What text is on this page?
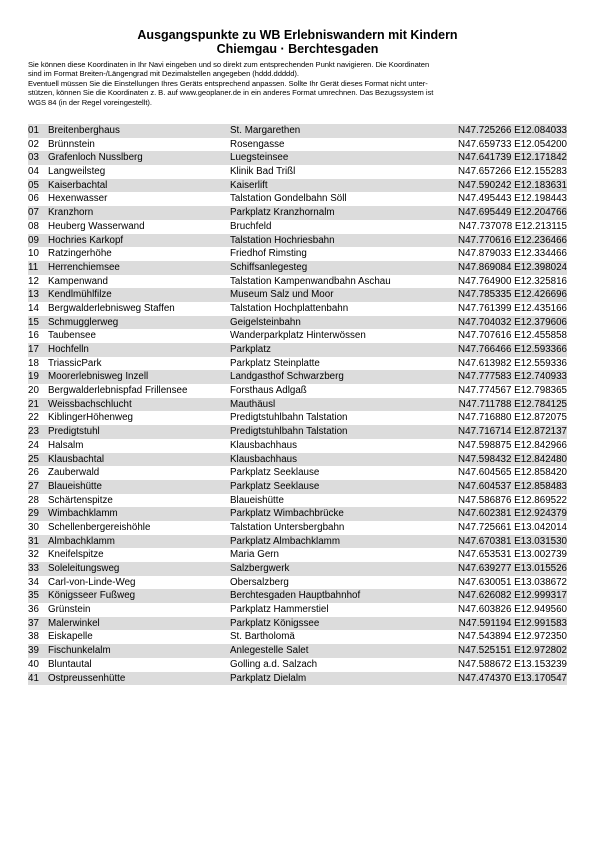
Ausgangspunkte zu WB Erlebniswandern mit Kindern
Chiemgau · Berchtesgaden

Sie können diese Koordinaten in Ihr Navi eingeben und so direkt zum entsprechenden Punkt navigieren. Die Koordinaten

sind im Format Breiten-/Längengrad mit Dezimalstellen angegeben (hddd.ddddd).

Eventuell müssen Sie die Einstellungen Ihres Geräts entsprechend anpassen. Sollte Ihr Gerät dieses Format nicht unter-

stützen, können Sie die Koordinaten z. B. auf www.geoplaner.de in ein anderes Format umrechnen. Das Bezugssystem ist

WGS 84 (in der Regel voreingestellt).

01 Breitenberghaus	St. Margarethen	N47.725266 E12.084033
02 Brünnstein	Rosengasse	N47.659733 E12.054200
03 Grafenloch Nusslberg	Luegsteinsee	N47.641739 E12.171842
04 Langweilsteg	Klinik Bad Trißl	N47.657266 E12.155283
05 Kaiserbachtal	Kaiserlift	N47.590242 E12.183631
06 Hexenwasser	Talstation Gondelbahn Söll	N47.495443 E12.198443
07 Kranzhorn	Parkplatz Kranzhornalm	N47.695449 E12.204766
08 Heuberg Wasserwand	Bruchfeld	N47.737078 E12.213115
09 Hochries Karkopf	Talstation Hochriesbahn	N47.770616 E12.236466
10 Ratzingerhöhe	Friedhof Rimsting	N47.879033 E12.334466
11	Herrenchiemsee	Schiffsanlegesteg	N47.869084 E12.398024
12 Kampenwand	Talstation Kampenwandbahn Aschau	N47.764900 E12.325816
13 Kendlmühlfilze	Museum Salz und Moor	N47.785335 E12.426696
14 Bergwalderlebnisweg Staffen	Talstation Hochplattenbahn	N47.761399 E12.435166
15 Schmugglerweg	Geigelsteinbahn	N47.704032 E12.379606
16 Taubensee	Wanderparkplatz Hinterwössen	N47.707616 E12.455858
17 Hochfelln	Parkplatz	N47.766466 E12.593366
18 TriassicPark	Parkplatz Steinplatte	N47.613982 E12.559336
19 Moorerlebnisweg Inzell	Landgasthof Schwarzberg	N47.777583 E12.740933
20 Bergwalderlebnispfad Frillensee	Forsthaus Adlgaß	N47.774567 E12.798365
21 Weissbachschlucht	Mauthäusl	N47.711788 E12.784125
22 KiblingerHöhenweg	Predigtstuhlbahn Talstation	N47.716880 E12.872075
23 Predigtstuhl	Predigtstuhlbahn Talstation	N47.716714 E12.872137
24 Halsalm	Klausbachhaus	N47.598875 E12.842966
25 Klausbachtal	Klausbachhaus	N47.598432 E12.842480
26 Zauberwald	Parkplatz Seeklause	N47.604565 E12.858420
27 Blaueishütte	Parkplatz Seeklause	N47.604537 E12.858483
28 Schärtenspitze	Blaueishütte	N47.586876 E12.869522
29 Wimbachklamm	Parkplatz Wimbachbrücke	N47.602381 E12.924379
30 Schellenbergereishöhle	Talstation Untersbergbahn	N47.725661 E13.042014
31 Almbachklamm	Parkplatz Almbachklamm	N47.670381 E13.031530
32 Kneifelspitze	Maria Gern	N47.653531 E13.002739
33 Soleleitungsweg	Salzbergwerk	N47.639277 E13.015526
34 Carl-von-Linde-Weg	Obersalzberg	N47.630051 E13.038672
35 Königsseer Fußweg	Berchtesgaden Hauptbahnhof	N47.626082 E12.999317
36 Grünstein	Parkplatz Hammerstiel	N47.603826 E12.949560
37 Malerwinkel	Parkplatz Königssee	N47.591194 E12.991583
38 Eiskapelle	St. Bartholomä	N47.543894 E12.972350
39 Fischunkelalm	Anlegestelle Salet	N47.525151 E12.972802
40 Bluntautal	Golling a.d. Salzach	N47.588672 E13.153239
41 Ostpreussenhütte	Parkplatz Dielalm	N47.474370 E13.170547
